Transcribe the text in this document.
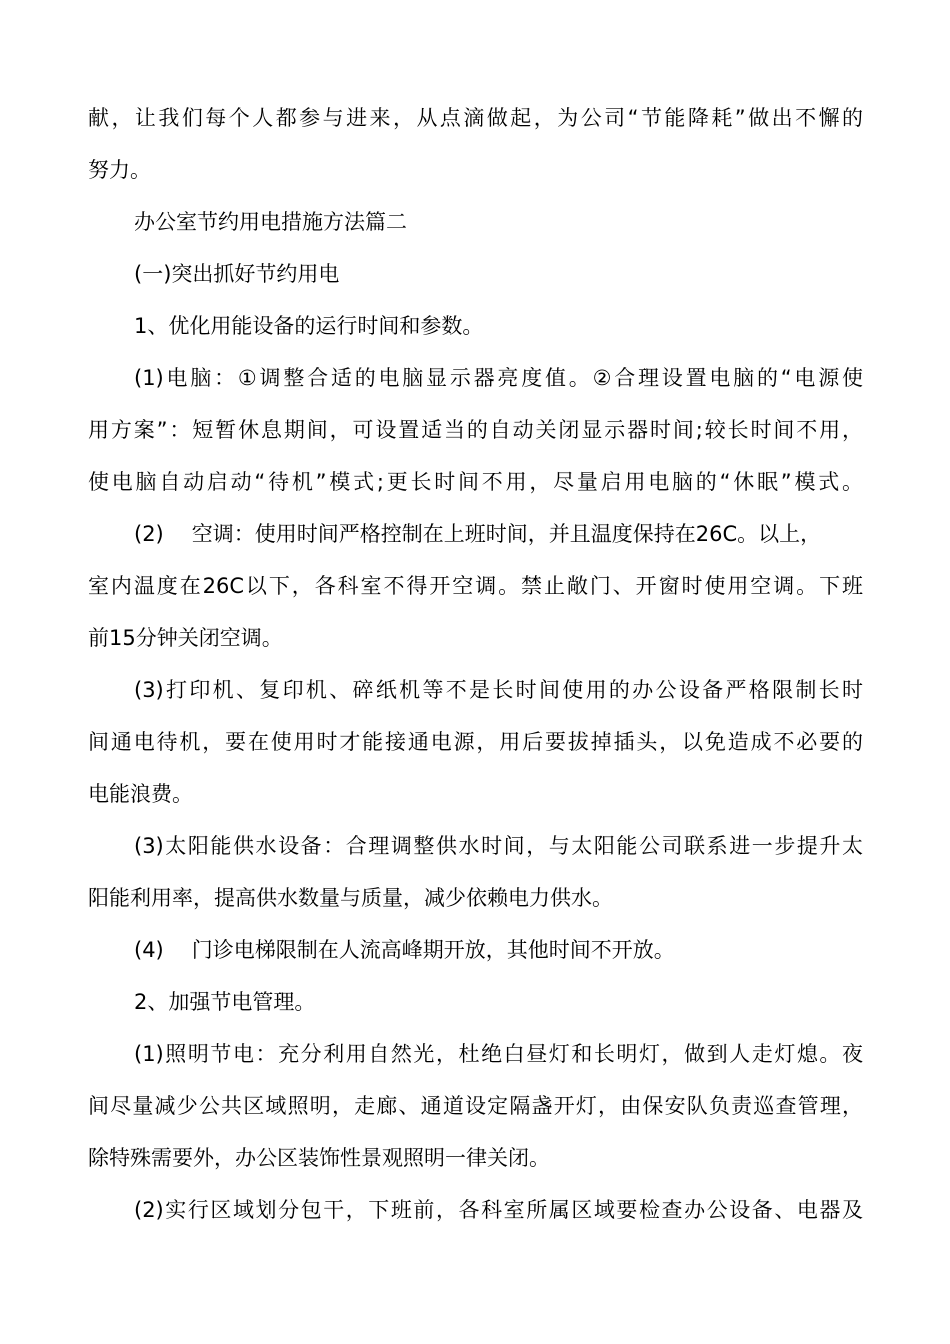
献，让我们每个人都参与进来，从点滴做起，为公司“节能降耗”做出不懈的
努力。
办公室节约用电措施方法篇二
(一)突出抓好节约用电
1、优化用能设备的运行时间和参数。
(1)电脑：①调整合适的电脑显示器亮度值。②合理设置电脑的“电源使
用方案”：短暂休息期间，可设置适当的自动关闭显示器时间;较长时间不用，
使电脑自动启动“待机”模式;更长时间不用，尽量启用电脑的“休眠”模式。
(2) 空调：使用时间严格控制在上班时间，并且温度保持在26C。以上，
室内温度在26C以下，各科室不得开空调。禁止敞门、开窗时使用空调。下班
前15分钟关闭空调。
(3)打印机、复印机、碎纸机等不是长时间使用的办公设备严格限制长时
间通电待机，要在使用时才能接通电源，用后要拔掉插头，以免造成不必要的
电能浪费。
(3)太阳能供水设备：合理调整供水时间，与太阳能公司联系进一步提升太
阳能利用率，提高供水数量与质量，减少依赖电力供水。
(4) 门诊电梯限制在人流高峰期开放，其他时间不开放。
2、加强节电管理。
(1)照明节电：充分利用自然光，杜绝白昼灯和长明灯，做到人走灯熄。夜
间尽量减少公共区域照明，走廊、通道设定隔盏开灯，由保安队负责巡查管理，
除特殊需要外，办公区装饰性景观照明一律关闭。
(2)实行区域划分包干，下班前，各科室所属区域要检查办公设备、电器及
